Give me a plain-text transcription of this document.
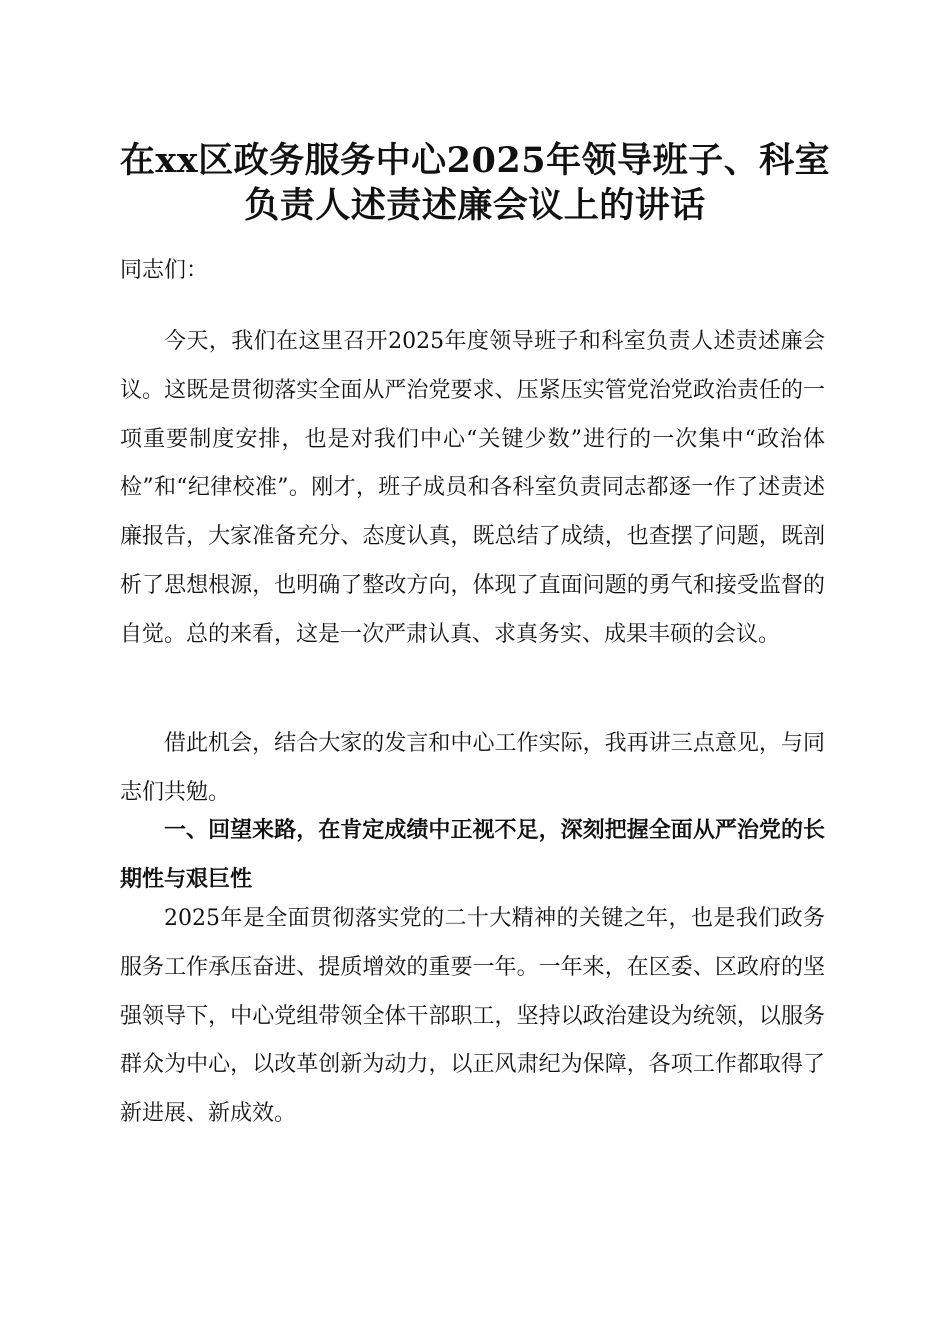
在xx区政务服务中心2025年领导班子、科室
负责人述责述廉会议上的讲话

同志们：

今天，我们在这里召开2025年度领导班子和科室负责人述责述廉会议。这既是贯彻落实全面从严治党要求、压紧压实管党治党政治责任的一项重要制度安排，也是对我们中心“关键少数”进行的一次集中“政治体检”和“纪律校准”。刚才，班子成员和各科室负责同志都逐一作了述责述廉报告，大家准备充分、态度认真，既总结了成绩，也查摆了问题，既剖析了思想根源，也明确了整改方向，体现了直面问题的勇气和接受监督的自觉。总的来看，这是一次严肃认真、求真务实、成果丰硕的会议。

借此机会，结合大家的发言和中心工作实际，我再讲三点意见，与同志们共勉。

一、回望来路，在肯定成绩中正视不足，深刻把握全面从严治党的长期性与艰巨性

2025年是全面贯彻落实党的二十大精神的关键之年，也是我们政务服务工作承压奋进、提质增效的重要一年。一年来，在区委、区政府的坚强领导下，中心党组带领全体干部职工，坚持以政治建设为统领，以服务群众为中心，以改革创新为动力，以正风肃纪为保障，各项工作都取得了新进展、新成效。
